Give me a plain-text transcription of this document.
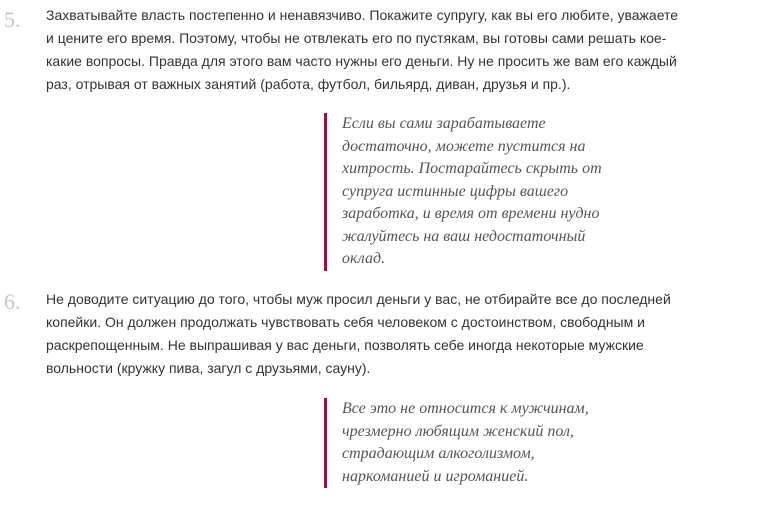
5. Захватывайте власть постепенно и ненавязчиво. Покажите супругу, как вы его любите, уважаете
и цените его время. Поэтому, чтобы не отвлекать его по пустякам, вы готовы сами решать кое-
какие вопросы. Правда для этого вам часто нужны его деньги. Ну не просить же вам его каждый
раз, отрывая от важных занятий (работа, футбол, бильярд, диван, друзья и пр.).

Если вы сами зарабатываете
достаточно, можете пустится на
хитрость. Постарайтесь скрыть от
супруга истинные цифры вашего
заработка, и время от времени нудно
жалуйтесь на ваш недостаточный
оклад.
6. Не доводите ситуацию до того, чтобы муж просил деньги у вас, не отбирайте все до последней
копейки. Он должен продолжать чувствовать себя человеком с достоинством, свободным и
раскрепощенным. Не выпрашивая у вас деньги, позволять себе иногда некоторые мужские
вольности (кружку пива, загул с друзьями, сауну).

Все это не относится к мужчинам,
чрезмерно любящим женский пол,
страдающим алкоголизмом,
наркоманией и игроманией.
